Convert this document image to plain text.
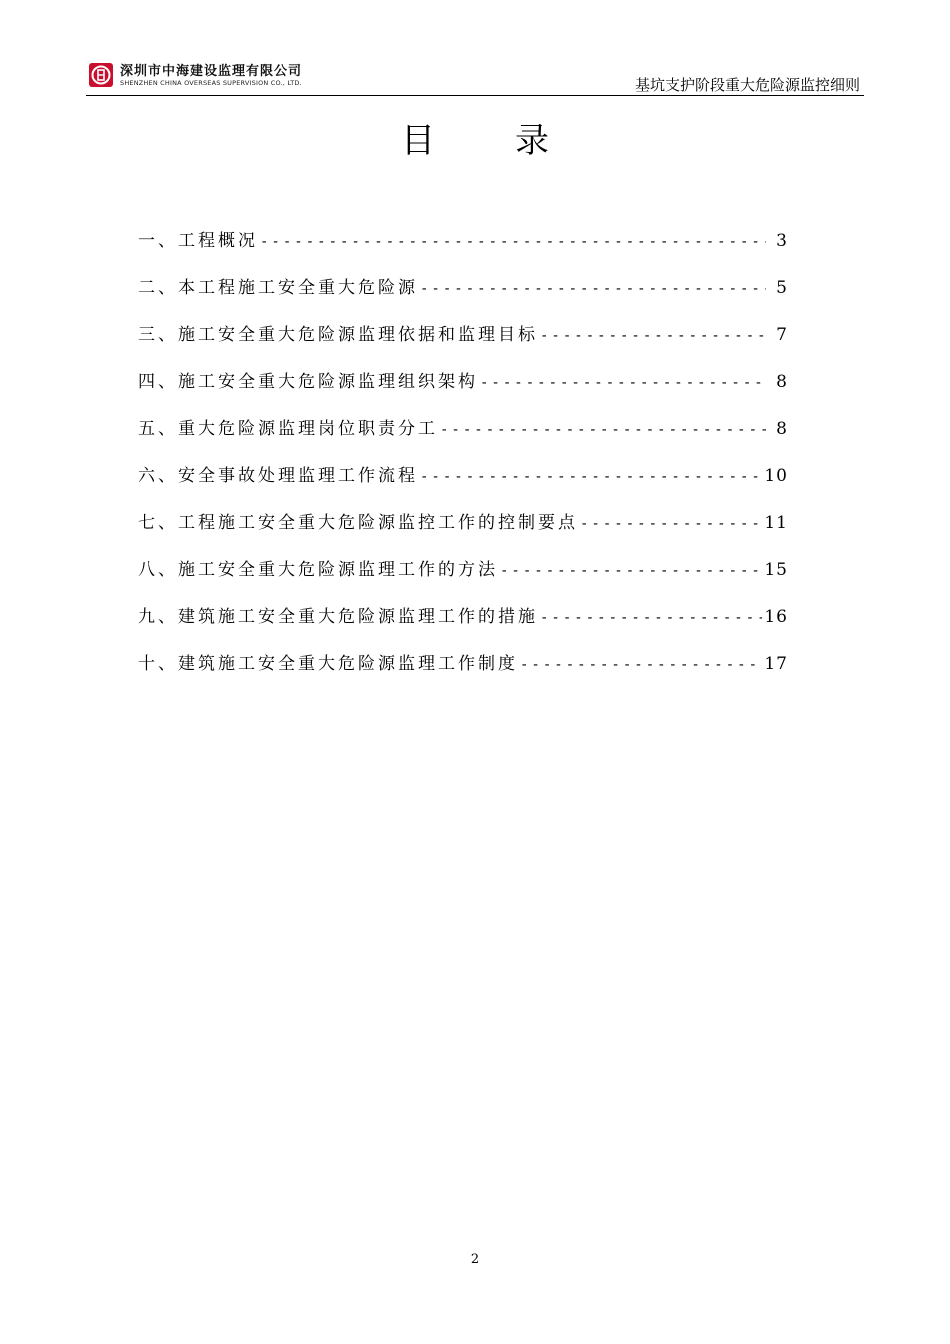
深圳市中海建设监理有限公司
SHENZHEN CHINA OVERSEAS SUPERVISION CO., LTD.	基坑支护阶段重大危险源监控细则
目录
一、工程概况 -----	3
二、本工程施工安全重大危险源 -----	5
三、施工安全重大危险源监理依据和监理目标 -----	7
四、施工安全重大危险源监理组织架构 -----	8
五、重大危险源监理岗位职责分工 -----	8
六、安全事故处理监理工作流程 -----	10
七、工程施工安全重大危险源监控工作的控制要点 -----	11
八、施工安全重大危险源监理工作的方法 -----	15
九、建筑施工安全重大危险源监理工作的措施 -----	16
十、建筑施工安全重大危险源监理工作制度 -----	17
2
